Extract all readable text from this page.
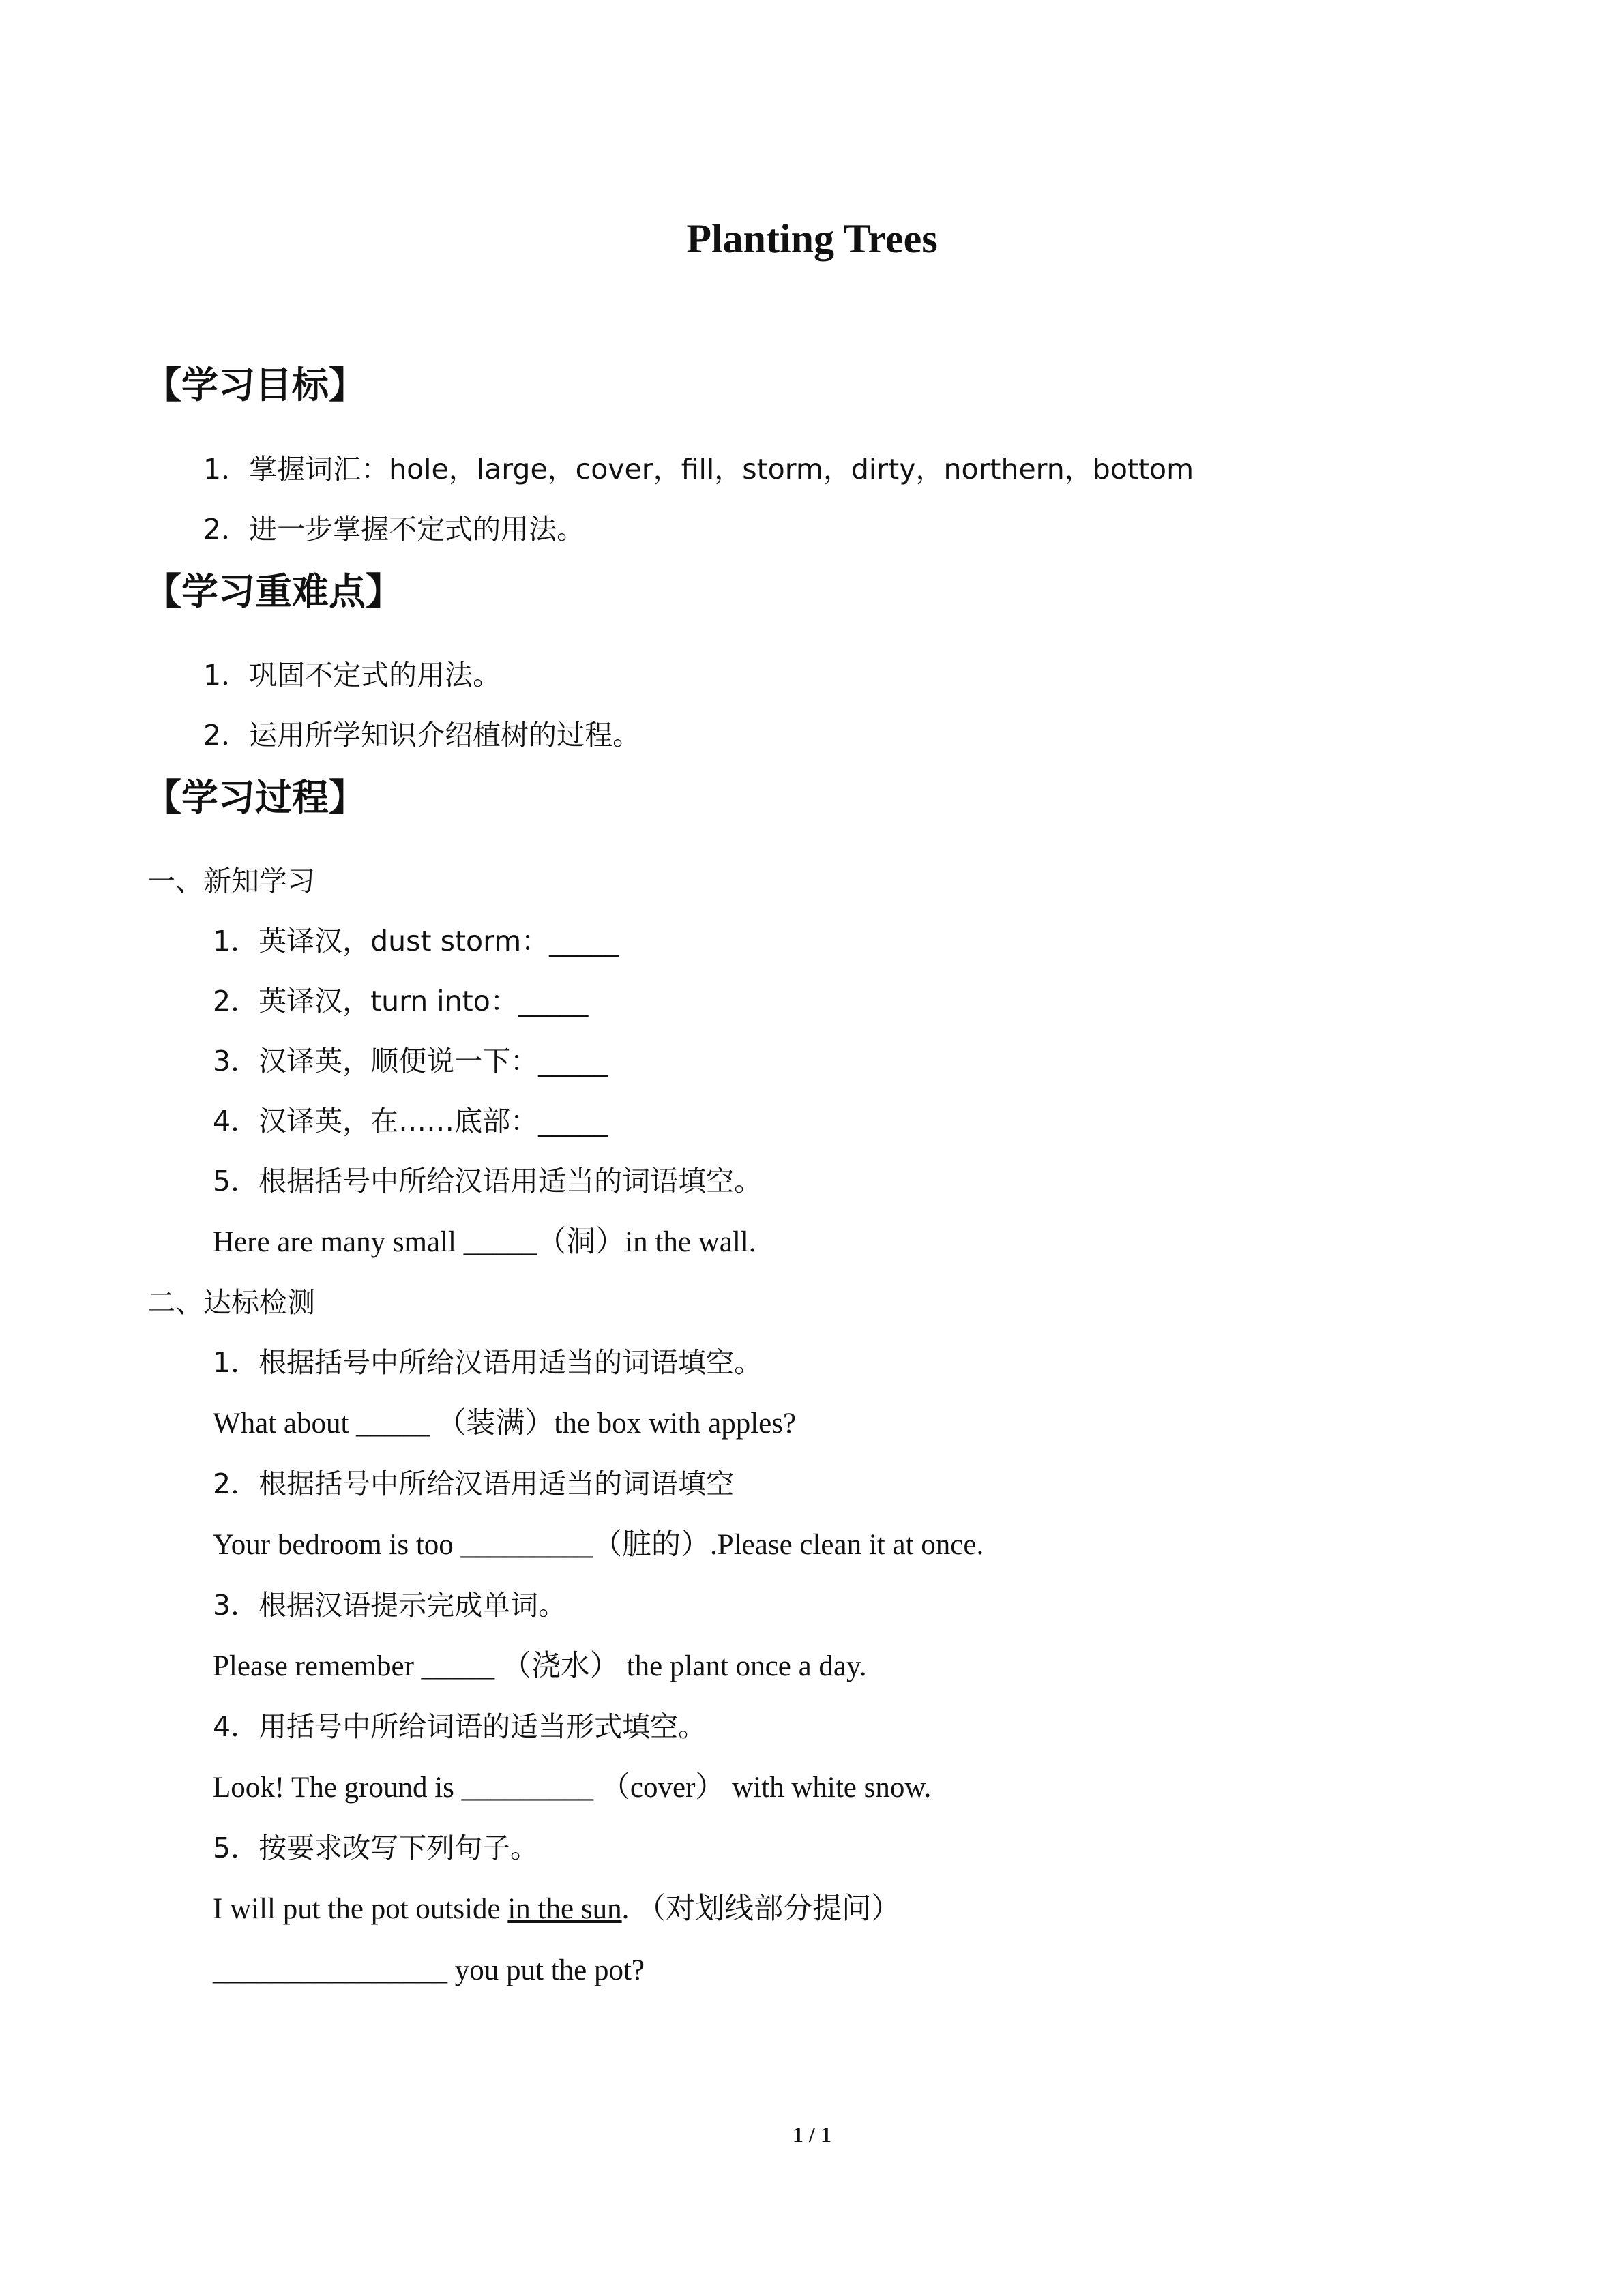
Planting Trees
【学习目标】
1．掌握词汇：hole，large，cover，fill，storm，dirty，northern，bottom
2．进一步掌握不定式的用法。
【学习重难点】
1．巩固不定式的用法。
2．运用所学知识介绍植树的过程。
【学习过程】
一、新知学习
1．英译汉，dust storm：_____
2．英译汉，turn into：_____
3．汉译英，顺便说一下：_____
4．汉译英，在……底部：_____
5．根据括号中所给汉语用适当的词语填空。
Here are many small _____（洞）in the wall.
二、达标检测
1．根据括号中所给汉语用适当的词语填空。
What about _____ （装满）the box with apples?
2．根据括号中所给汉语用适当的词语填空
Your bedroom is too _________（脏的）.Please clean it at once.
3．根据汉语提示完成单词。
Please remember _____ （浇水） the plant once a day.
4．用括号中所给词语的适当形式填空。
Look! The ground is _________ （cover） with white snow.
5．按要求改写下列句子。
I will put the pot outside in the sun. （对划线部分提问）
________________ you put the pot?
1 / 1
